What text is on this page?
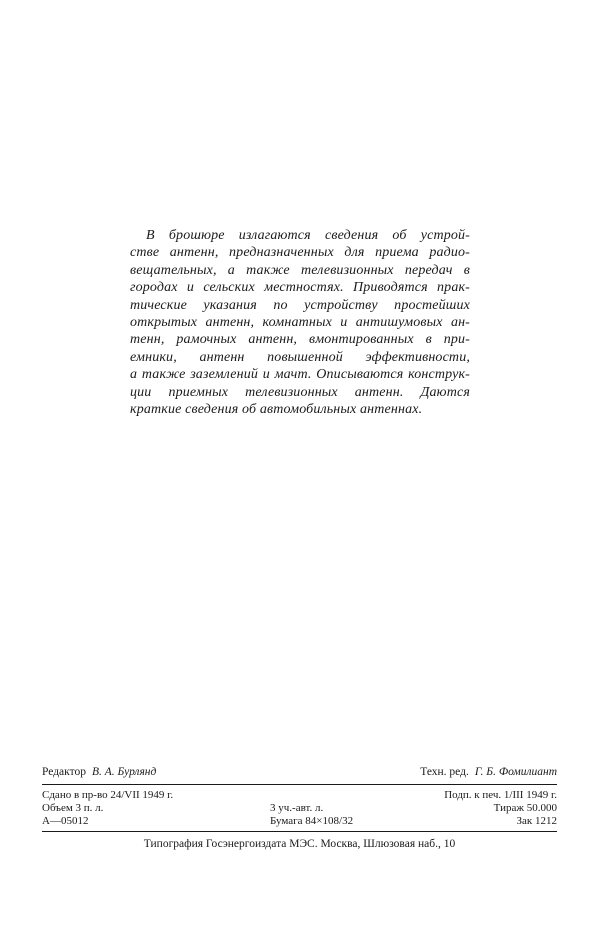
В брошюре излагаются сведения об устрой-
стве антенн, предназначенных для приема радио-
вещательных, а также телевизионных передач в
городах и сельских местностях. Приводятся прак-
тические указания по устройству простейших
открытых антенн, комнатных и антишумовых ан-
тенн, рамочных антенн, вмонтированных в при-
емники, антенн повышенной эффективности,
а также заземлений и мачт. Описываются конструк-
ции приемных телевизионных антенн. Даются
краткие сведения об автомобильных антеннах.
Редактор В. А. Бурлянд	Техн. ред. Г. Б. Фомилиант
Сдано в пр-во 24/VII 1949 г.
Объем 3 п. л.
А—05012
3 уч.-авт. л.
Бумага 84×108/32
Подп. к печ. 1/III 1949 г.
Тираж 50.000
Зак 1212
Типография Госэнергоиздата МЭС. Москва, Шлюзовая наб., 10
